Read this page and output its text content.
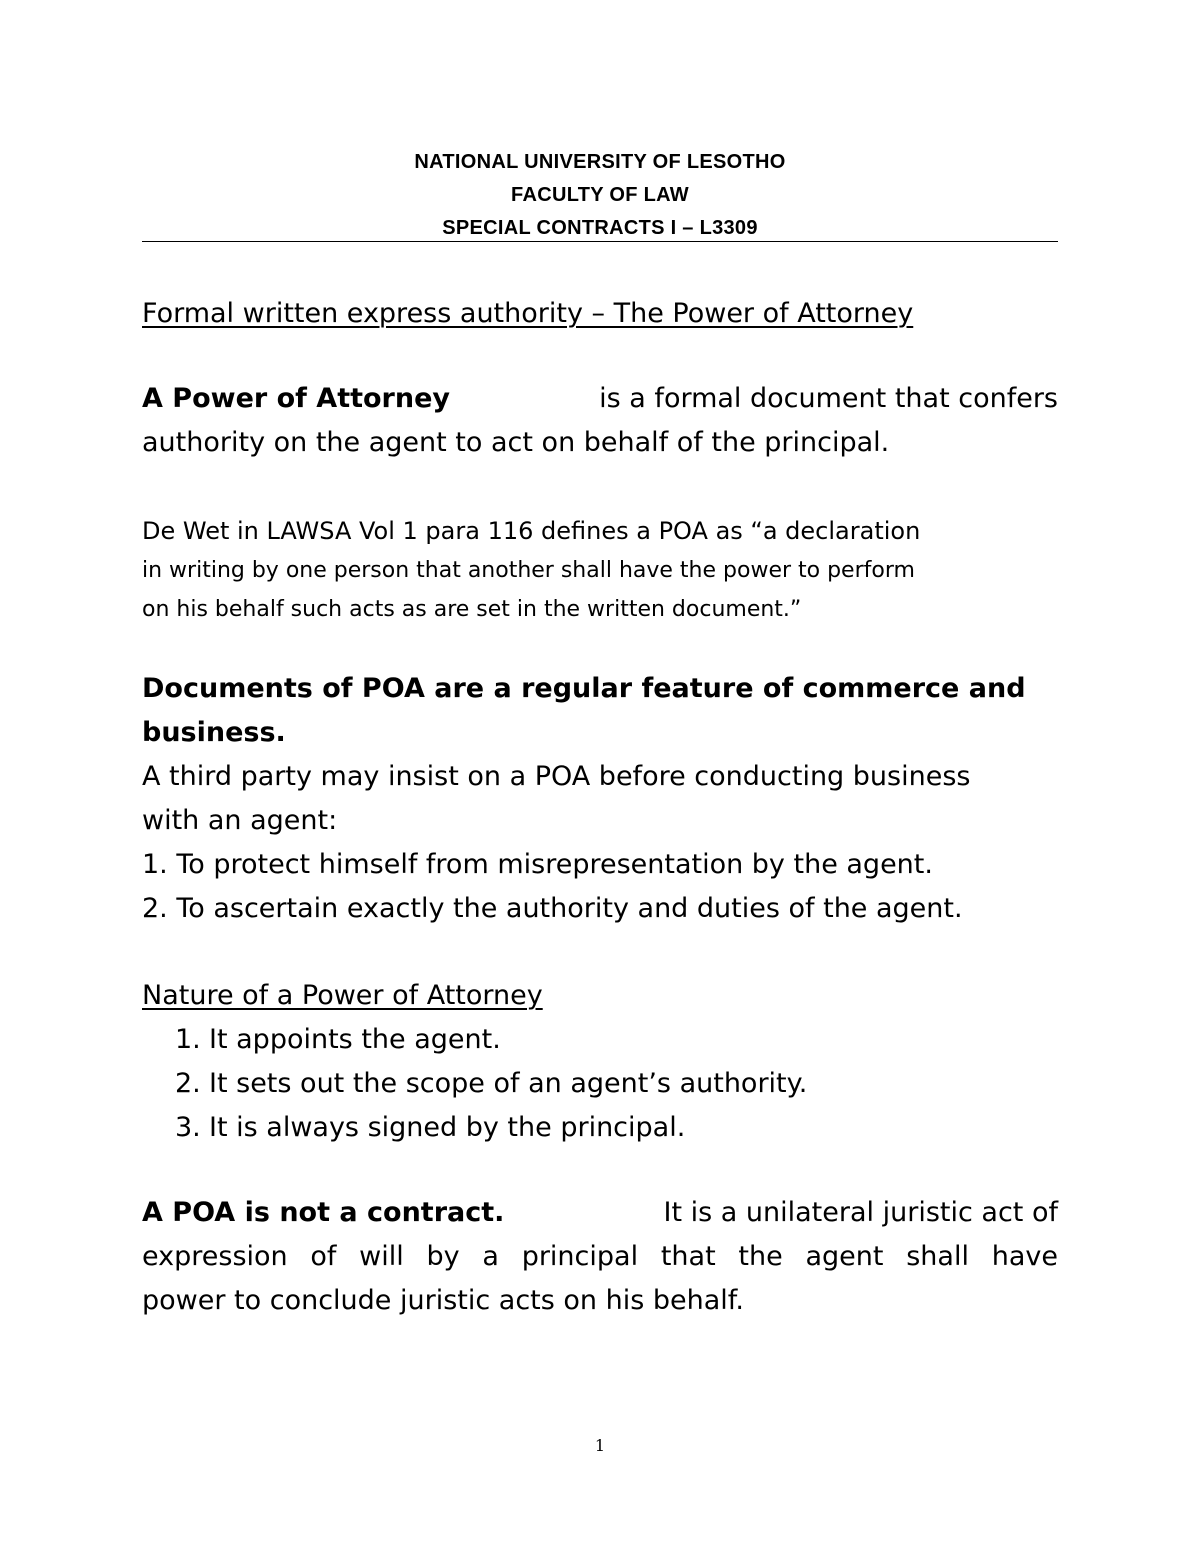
NATIONAL UNIVERSITY OF LESOTHO
FACULTY OF LAW
SPECIAL CONTRACTS I – L3309
Formal written express authority – The Power of Attorney
A Power of Attorney	is a formal document that confers
authority on the agent to act on behalf of the principal.
De Wet in LAWSA Vol 1 para 116 defines a POA as “a declaration
in writing by one person that another shall have the power to perform
on his behalf such acts as are set in the written document.”
Documents of POA are a regular feature of commerce and
business.
A third party may insist on a POA before conducting business
with an agent:
1. To protect himself from misrepresentation by the agent.
2. To ascertain exactly the authority and duties of the agent.
Nature of a Power of Attorney
1. It appoints the agent.
2. It sets out the scope of an agent’s authority.
3. It is always signed by the principal.
A POA is not a contract.	It is a unilateral juristic act of
expression of will by a principal that the agent shall have
power to conclude juristic acts on his behalf.
1
